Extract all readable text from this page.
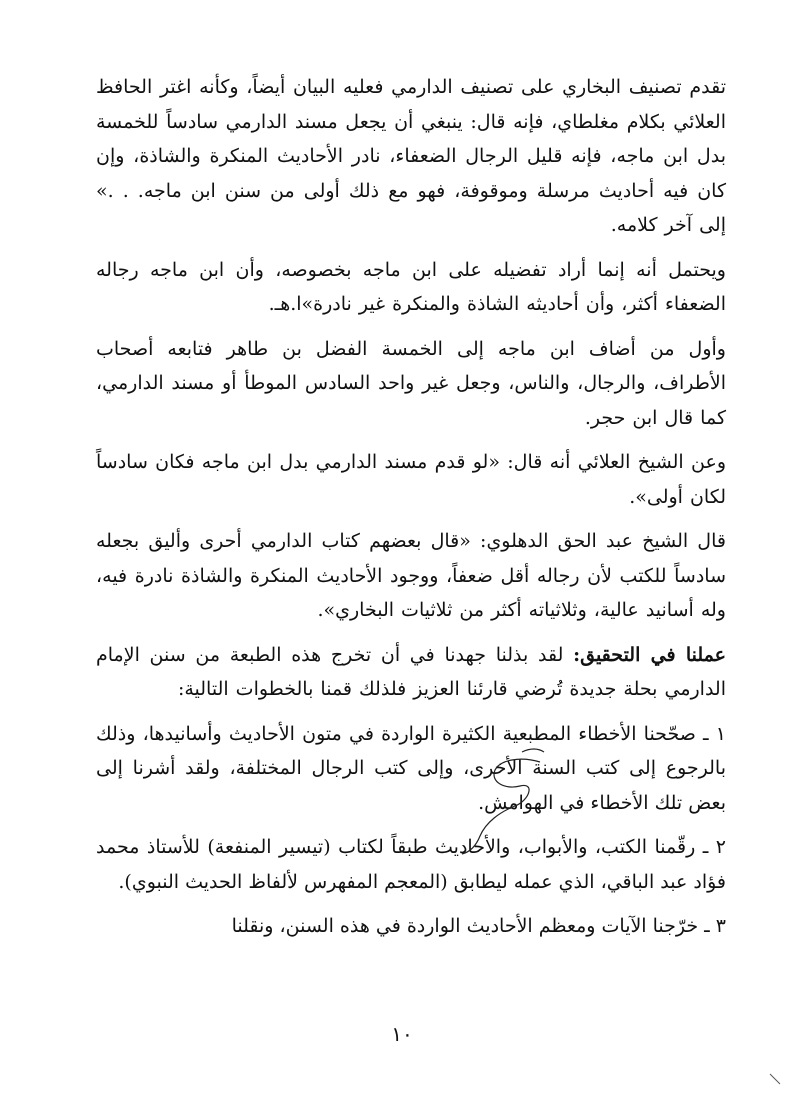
تقدم تصنيف البخاري على تصنيف الدارمي فعليه البيان أيضاً، وكأنه اغتر الحافظ العلائي بكلام مغلطاي، فإنه قال: ينبغي أن يجعل مسند الدارمي سادساً للخمسة بدل ابن ماجه، فإنه قليل الرجال الضعفاء، نادر الأحاديث المنكرة والشاذة، وإن كان فيه أحاديث مرسلة وموقوفة، فهو مع ذلك أولى من سنن ابن ماجه. . .» إلى آخر كلامه.

ويحتمل أنه إنما أراد تفضيله على ابن ماجه بخصوصه، وأن ابن ماجه رجاله الضعفاء أكثر، وأن أحاديثه الشاذة والمنكرة غير نادرة»ا.هـ.

وأول من أضاف ابن ماجه إلى الخمسة الفضل بن طاهر فتابعه أصحاب الأطراف، والرجال، والناس، وجعل غير واحد السادس الموطأ أو مسند الدارمي، كما قال ابن حجر.

وعن الشيخ العلائي أنه قال: «لو قدم مسند الدارمي بدل ابن ماجه فكان سادساً لكان أولى».

قال الشيخ عبد الحق الدهلوي: «قال بعضهم كتاب الدارمي أحرى وأليق بجعله سادساً للكتب لأن رجاله أقل ضعفاً، ووجود الأحاديث المنكرة والشاذة نادرة فيه، وله أسانيد عالية، وثلاثياته أكثر من ثلاثيات البخاري».

عملنا في التحقيق: لقد بذلنا جهدنا في أن تخرج هذه الطبعة من سنن الإمام الدارمي بحلة جديدة تُرضي قارئنا العزيز فلذلك قمنا بالخطوات التالية:

١ ـ صحّحنا الأخطاء المطبعية الكثيرة الواردة في متون الأحاديث وأسانيدها، وذلك بالرجوع إلى كتب السنة الأخرى، وإلى كتب الرجال المختلفة، ولقد أشرنا إلى بعض تلك الأخطاء في الهوامش.

٢ ـ رقّمنا الكتب، والأبواب، والأحاديث طبقاً لكتاب (تيسير المنفعة) للأستاذ محمد فؤاد عبد الباقي، الذي عمله ليطابق (المعجم المفهرس لألفاظ الحديث النبوي).

٣ ـ خرّجنا الآيات ومعظم الأحاديث الواردة في هذه السنن، ونقلنا

١٠
